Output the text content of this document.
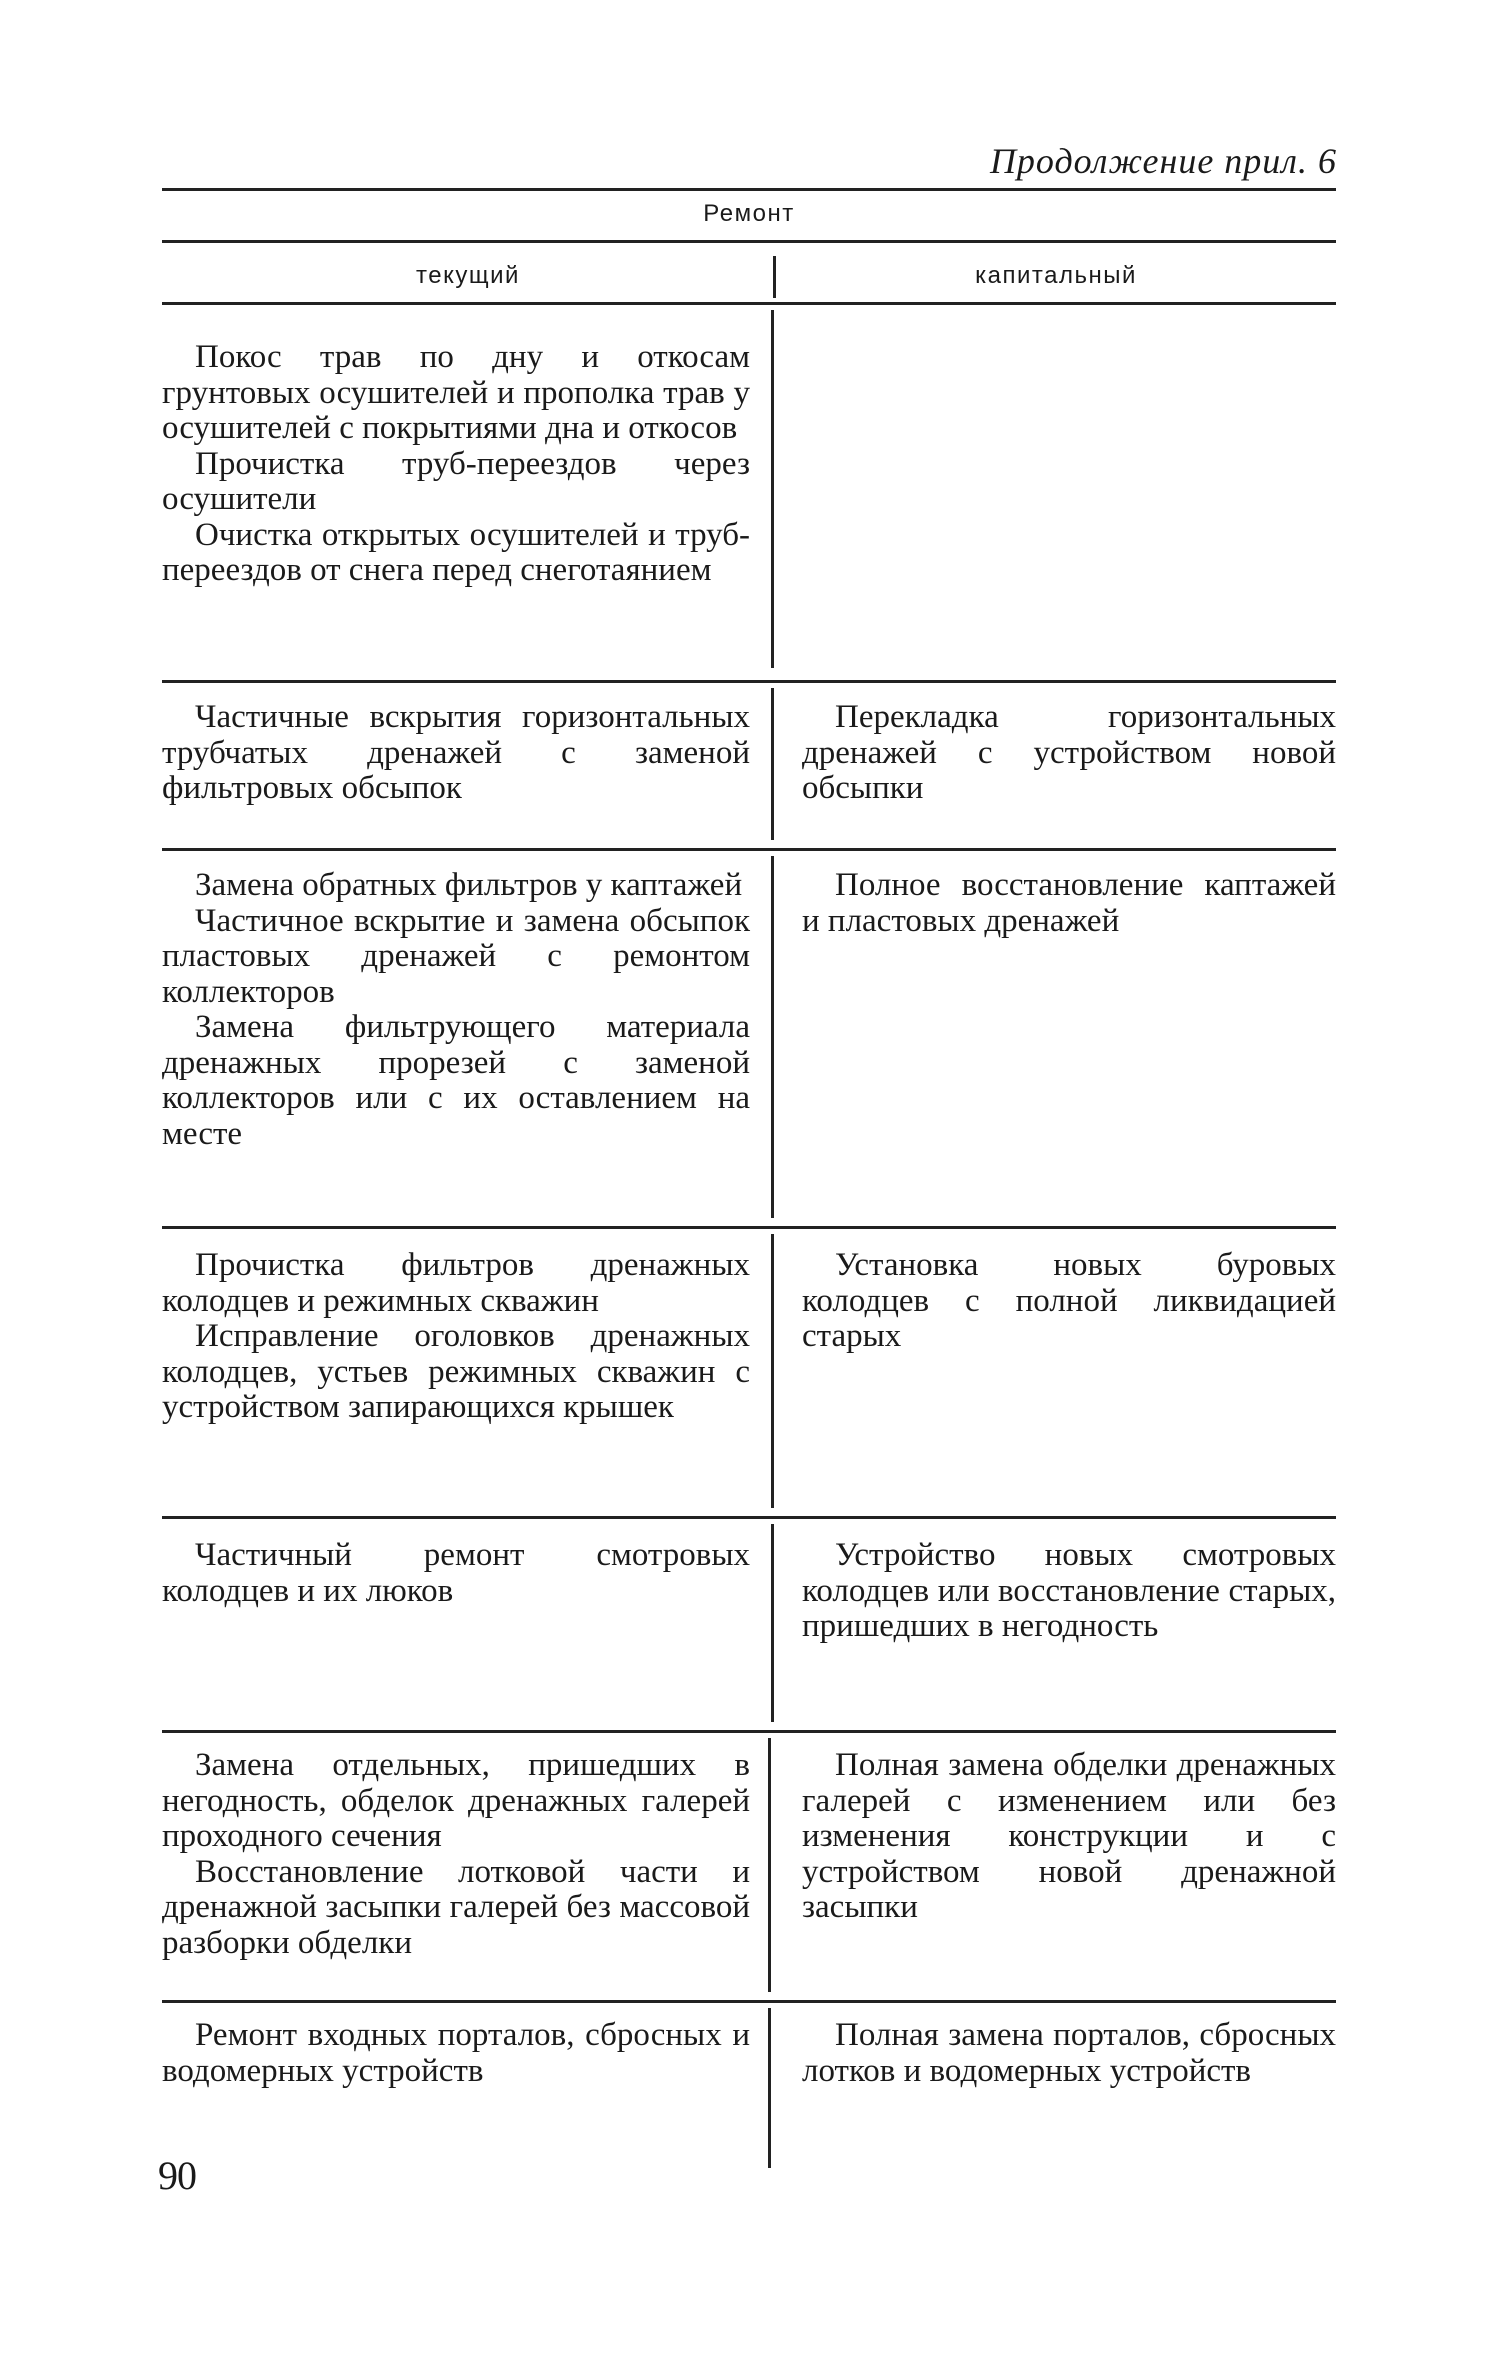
Продолжение прил. 6
Ремонт
текущий	капитальный

Покос трав по дну и откосам грунтовых осушителей и прополка трав у осушителей с покрытиями дна и откосов

Прочистка труб-переездов через осушители

Очистка открытых осушителей и труб-переездов от снега перед снеготаянием

Частичные вскрытия горизонтальных трубчатых дренажей с заменой фильтровых обсыпок

Перекладка горизонтальных дренажей с устройством новой обсыпки

Замена обратных фильтров у каптажей

Частичное вскрытие и замена обсыпок пластовых дренажей с ремонтом коллекторов

Замена фильтрующего материала дренажных прорезей с заменой коллекторов или с их оставлением на месте

Полное восстановление каптажей и пластовых дренажей

Прочистка фильтров дренажных колодцев и режимных скважин

Исправление оголовков дренажных колодцев, устьев режимных скважин с устройством запирающихся крышек

Установка новых буровых колодцев с полной ликвидацией старых

Частичный ремонт смотровых колодцев и их люков

Устройство новых смотровых колодцев или восстановление старых, пришедших в негодность

Замена отдельных, пришедших в негодность, обделок дренажных галерей проходного сечения

Восстановление лотковой части и дренажной засыпки галерей без массовой разборки обделки

Полная замена обделки дренажных галерей с изменением или без изменения конструкции и с устройством новой дренажной засыпки

Ремонт входных порталов, сбросных и водомерных устройств

Полная замена порталов, сбросных лотков и водомерных устройств

90
